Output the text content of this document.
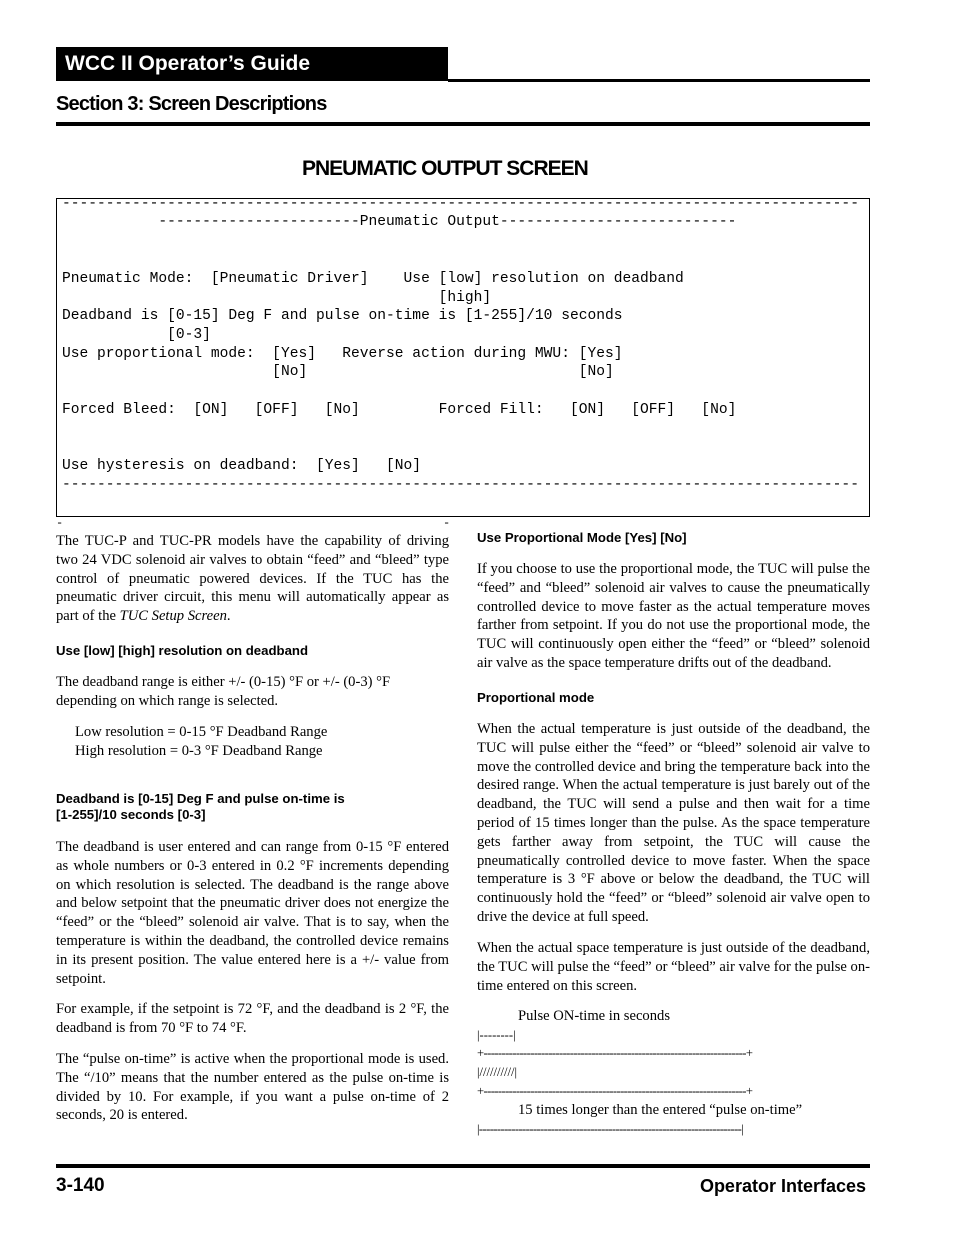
WCC II Operator’s Guide
Section 3: Screen Descriptions
PNEUMATIC OUTPUT SCREEN
-------------------------------------------------------------------------------------------
-----------------------Pneumatic Output---------------------------
Pneumatic Mode:  [Pneumatic Driver]    Use [low] resolution on deadband
[high]
Deadband is [0-15] Deg F and pulse on-time is [1-255]/10 seconds
[0-3]
Use proportional mode:  [Yes]   Reverse action during MWU: [Yes]
[No]                               [No]
Forced Bleed:  [ON]   [OFF]   [No]         Forced Fill:   [ON]   [OFF]   [No]
Use hysteresis on deadband:  [Yes]   [No]
-------------------------------------------------------------------------------------------
-	-
The TUC-P and TUC-PR models have the capability of driving two 24 VDC solenoid air valves to obtain “feed” and “bleed” type control of pneumatic powered devices. If the TUC has the pneumatic driver circuit, this menu will automatically appear as part of the TUC Setup Screen.
Use [low] [high] resolution on deadband
The deadband range is either +/- (0-15) °F or +/- (0-3) °F depending on which range is selected.
Low resolution = 0-15 °F Deadband Range
High resolution = 0-3 °F Deadband Range
Deadband is [0-15] Deg F and pulse on-time is
[1-255]/10 seconds [0-3]
The deadband is user entered and can range from 0-15 °F entered as whole numbers or 0-3 entered in 0.2 °F increments depending on which resolution is selected. The deadband is the range above and below setpoint that the pneumatic driver does not energize the “feed” or the “bleed” solenoid air valve. That is to say, when the temperature is within the deadband, the controlled device remains in its present position. The value entered here is a +/- value from setpoint.
For example, if the setpoint is 72 °F, and the deadband is 2 °F, the deadband is from 70 °F to 74 °F.
The “pulse on-time” is active when the proportional mode is used. The “/10” means that the number entered as the pulse on-time is divided by 10. For example, if you want a pulse on-time of 2 seconds, 20 is entered.
Use Proportional Mode [Yes] [No]
If you choose to use the proportional mode, the TUC will pulse the “feed” and “bleed” solenoid air valves to cause the pneumatically controlled device to move faster as the actual temperature moves farther from setpoint. If you do not use the proportional mode, the TUC will continuously open either the “feed” or “bleed” solenoid air valve as the space temperature drifts out of the deadband.
Proportional mode
When the actual temperature is just outside of the deadband, the TUC will pulse either the “feed” or “bleed” solenoid air valve to move the controlled device and bring the temperature back into the desired range. When the actual temperature is just barely out of the deadband, the TUC will send a pulse and then wait for a time period of 15 times longer than the pulse. As the space temperature gets farther away from setpoint, the TUC will cause the pneumatically controlled device to move faster. When the space temperature is 3 °F above or below the deadband, the TUC will continuously hold the “feed” or “bleed” solenoid air valve open to drive the device at full speed.
When the actual space temperature is just outside of the deadband, the TUC will pulse the “feed” or “bleed” air valve for the pulse on-time entered on this screen.
Pulse ON-time in seconds
|--------|
+-------------------------------------------------------------------------+
|//////////|
+-------------------------------------------------------------------------+
15 times longer than the entered “pulse on-time”
|-------------------------------------------------------------------------|
3-140	Operator Interfaces
